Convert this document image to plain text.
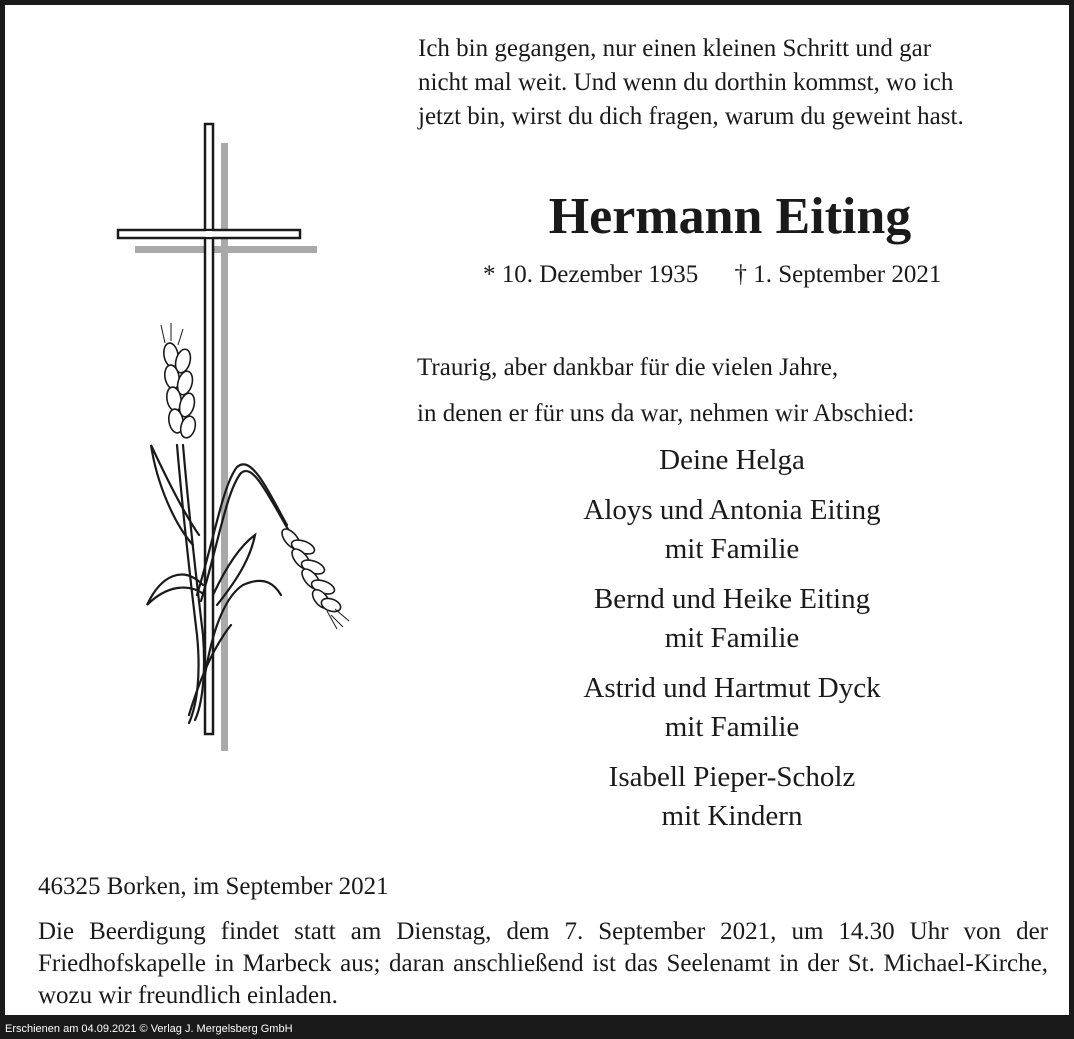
Ich bin gegangen, nur einen kleinen Schritt und gar
nicht mal weit. Und wenn du dorthin kommst, wo ich
jetzt bin, wirst du dich fragen, warum du geweint hast.
Hermann Eiting
* 10. Dezember 1935 † 1. September 2021
Traurig, aber dankbar für die vielen Jahre,
in denen er für uns da war, nehmen wir Abschied:
Deine Helga
Aloys und Antonia Eiting
mit Familie
Bernd und Heike Eiting
mit Familie
Astrid und Hartmut Dyck
mit Familie
Isabell Pieper-Scholz
mit Kindern
46325 Borken, im September 2021

Die Beerdigung findet statt am Dienstag, dem 7. September 2021, um 14.30 Uhr von der Friedhofskapelle in Marbeck aus; daran anschließend ist das Seelenamt in der St. Michael-Kirche, wozu wir freundlich einladen.

Erschienen am 04.09.2021 © Verlag J. Mergelsberg GmbH
